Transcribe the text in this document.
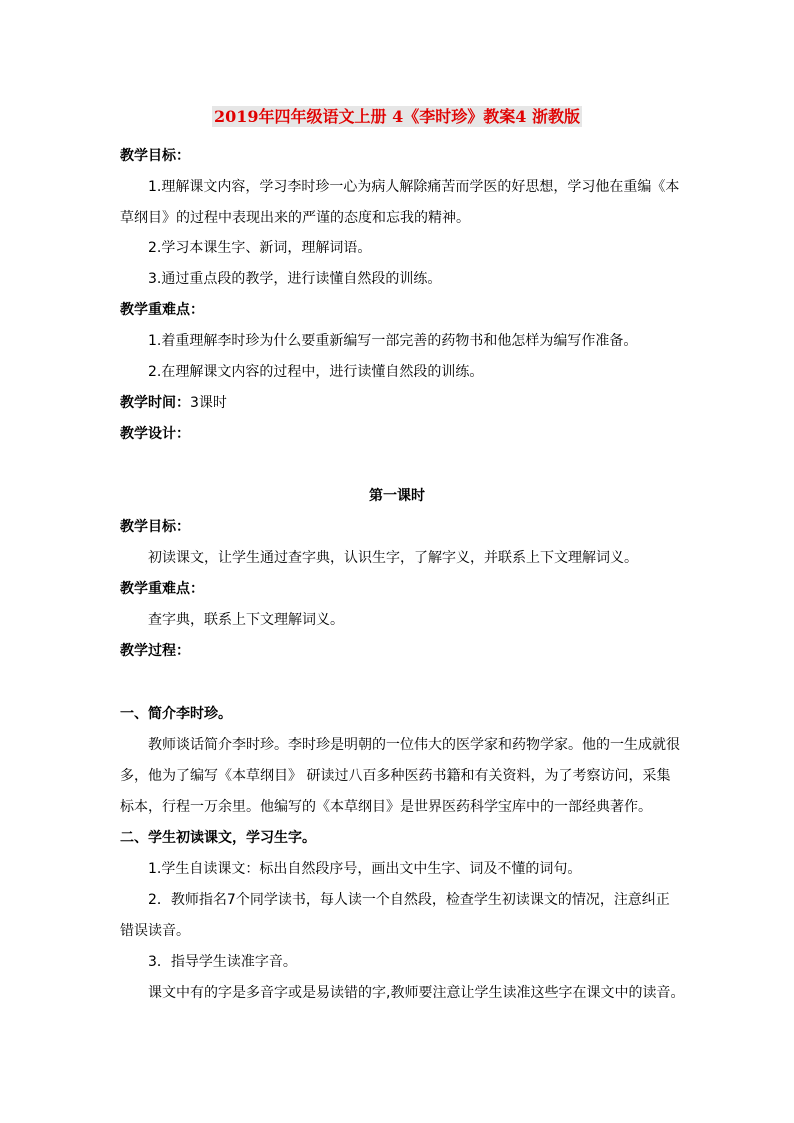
2019年四年级语文上册 4《李时珍》教案4 浙教版
教学目标：
1.理解课文内容，学习李时珍一心为病人解除痛苦而学医的好思想，学习他在重编《本
草纲目》的过程中表现出来的严谨的态度和忘我的精神。
2.学习本课生字、新词，理解词语。
3.通过重点段的教学，进行读懂自然段的训练。
教学重难点：
1.着重理解李时珍为什么要重新编写一部完善的药物书和他怎样为编写作准备。
2.在理解课文内容的过程中，进行读懂自然段的训练。
教学时间：3课时
教学设计：
第一课时
教学目标：
初读课文，让学生通过查字典，认识生字，了解字义，并联系上下文理解词义。
教学重难点：
查字典，联系上下文理解词义。
教学过程：
一、简介李时珍。
教师谈话简介李时珍。李时珍是明朝的一位伟大的医学家和药物学家。他的一生成就很
多，他为了编写《本草纲目》 研读过八百多种医药书籍和有关资料，为了考察访问，采集
标本，行程一万余里。他编写的《本草纲目》是世界医药科学宝库中的一部经典著作。
二、学生初读课文，学习生字。
1.学生自读课文：标出自然段序号，画出文中生字、词及不懂的词句。
2．教师指名7个同学读书，每人读一个自然段，检查学生初读课文的情况，注意纠正
错误读音。
3．指导学生读准字音。
课文中有的字是多音字或是易读错的字,教师要注意让学生读准这些字在课文中的读音。
